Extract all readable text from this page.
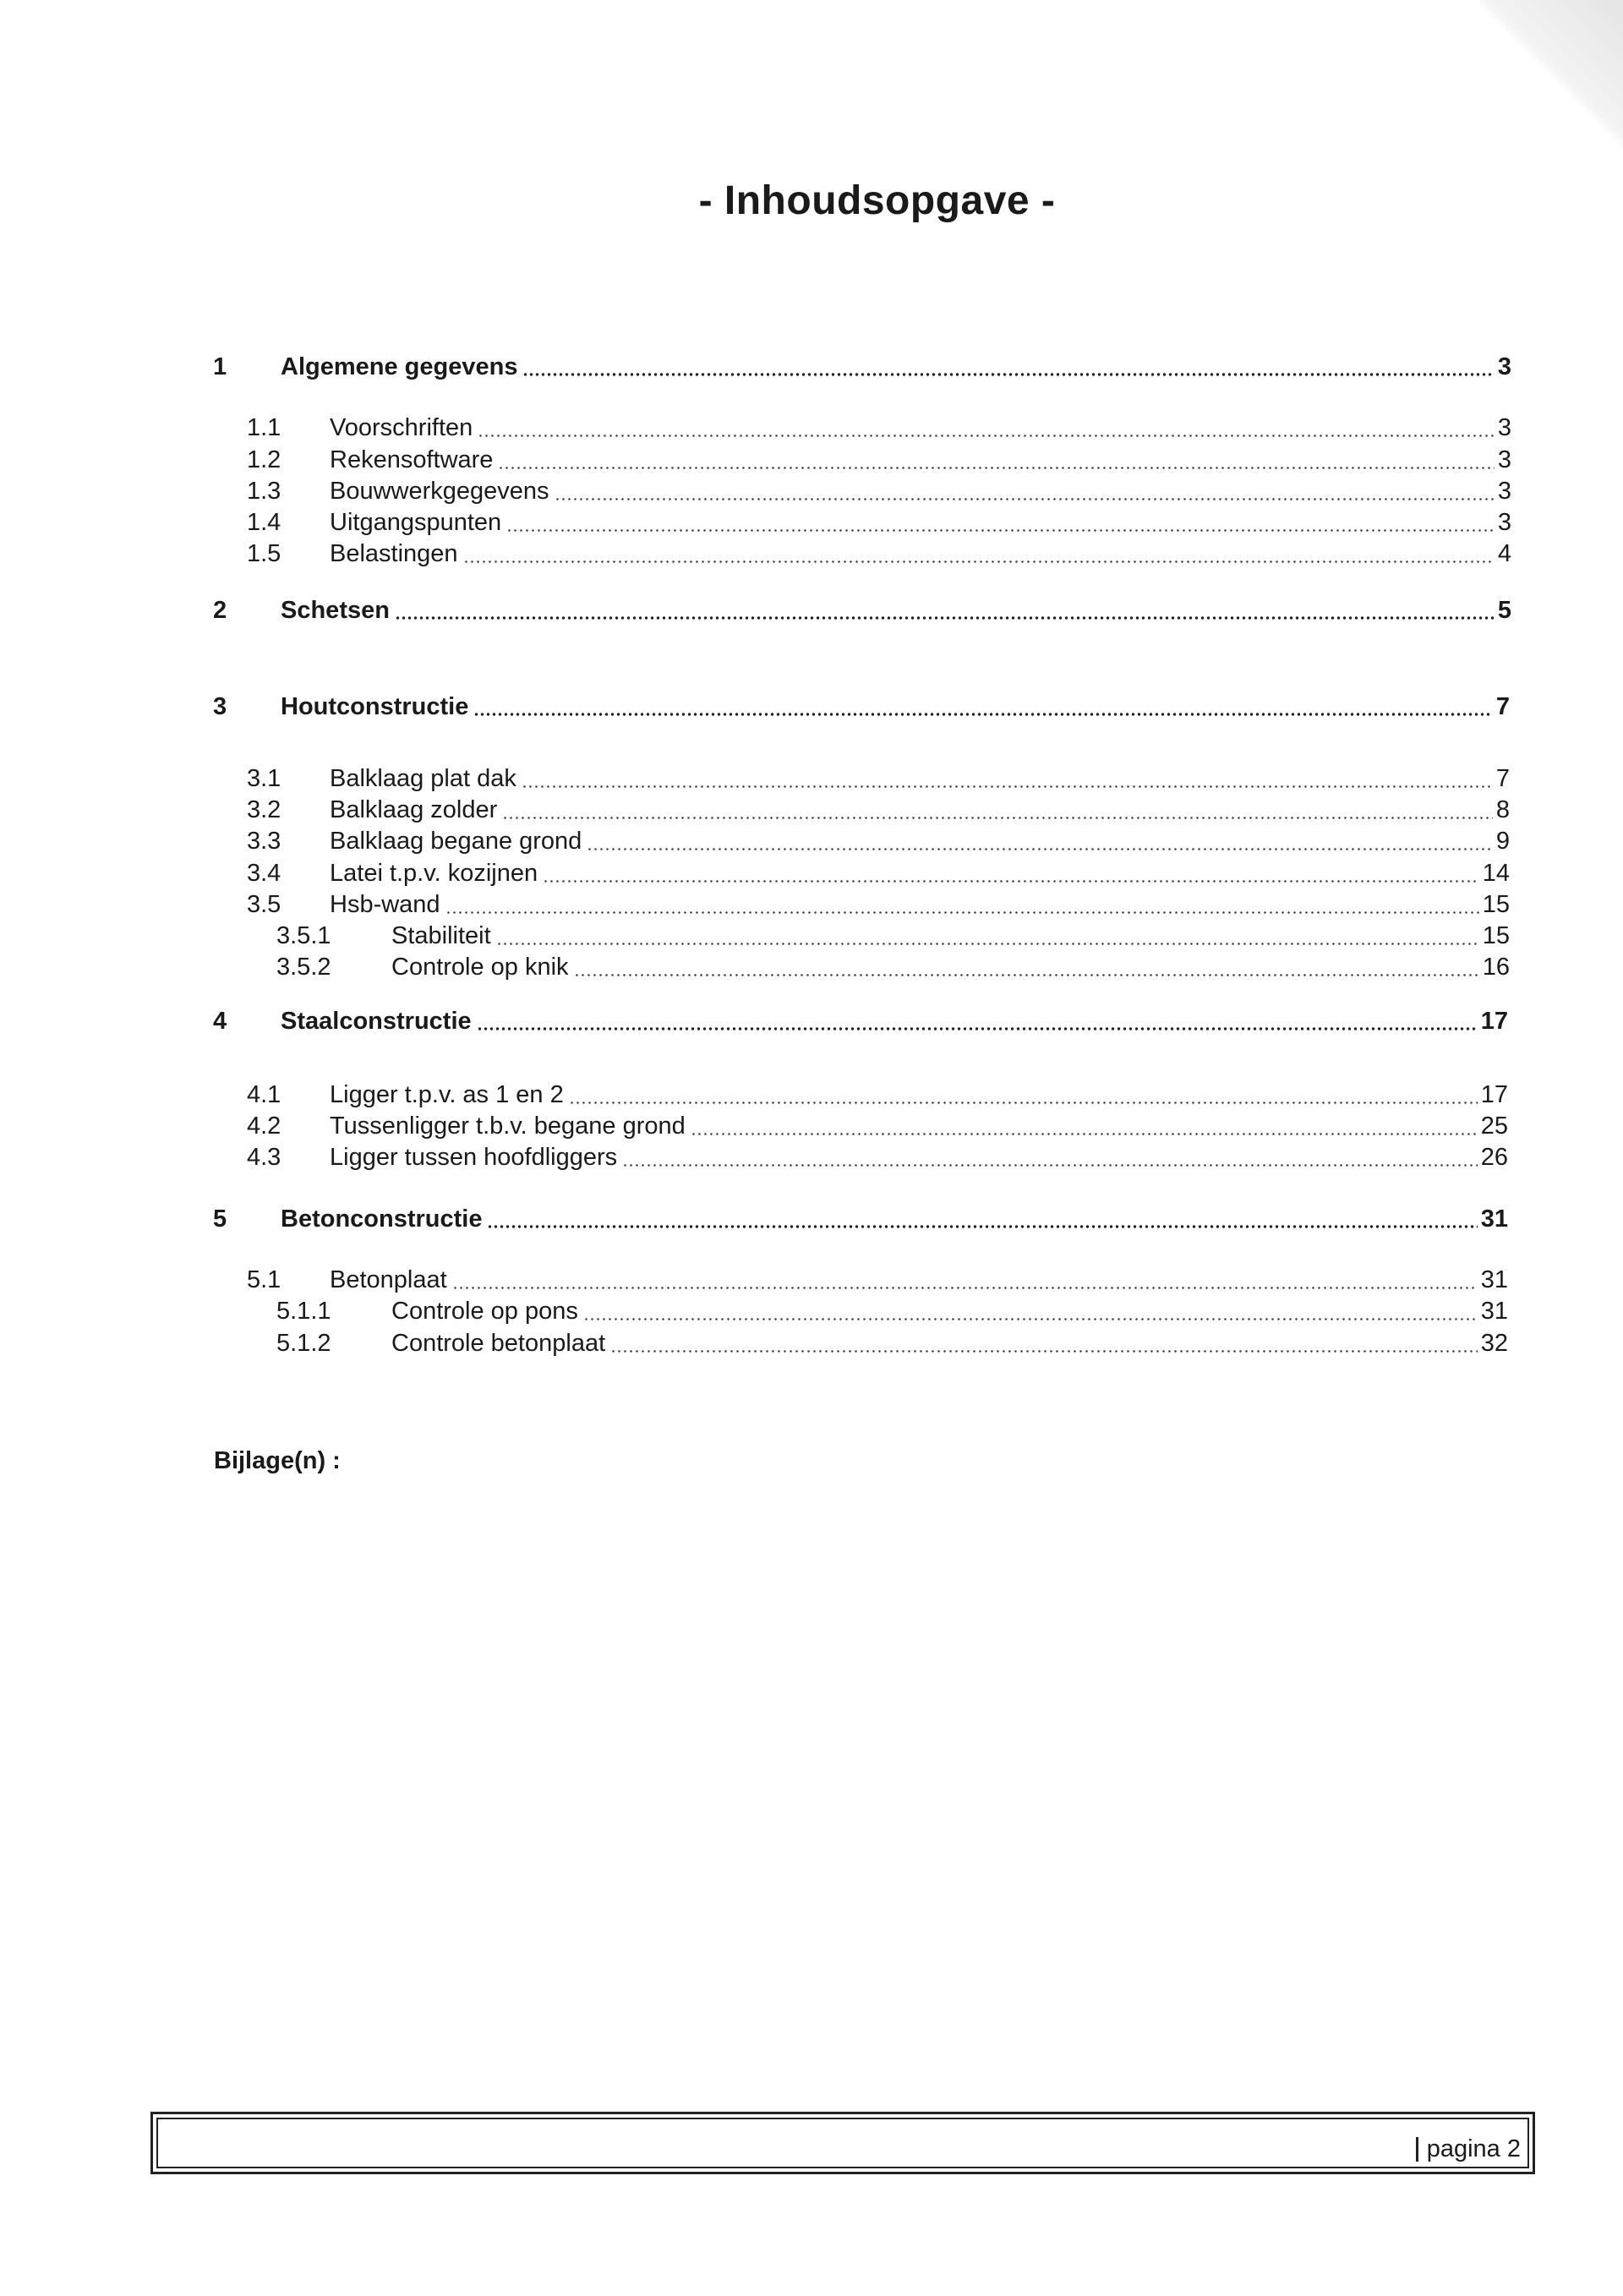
- Inhoudsopgave -
1	Algemene gegevens	3
1.1	Voorschriften	3
1.2	Rekensoftware	3
1.3	Bouwwerkgegevens	3
1.4	Uitgangspunten	3
1.5	Belastingen	4
2	Schetsen	5
3	Houtconstructie	7
3.1	Balklaag plat dak	7
3.2	Balklaag zolder	8
3.3	Balklaag begane grond	9
3.4	Latei t.p.v. kozijnen	14
3.5	Hsb-wand	15
3.5.1	Stabiliteit	15
3.5.2	Controle op knik	16
4	Staalconstructie	17
4.1	Ligger t.p.v. as 1 en 2	17
4.2	Tussenligger t.b.v. begane grond	25
4.3	Ligger tussen hoofdliggers	26
5	Betonconstructie	31
5.1	Betonplaat	31
5.1.1	Controle op pons	31
5.1.2	Controle betonplaat	32

Bijlage(n) :

pagina 2
